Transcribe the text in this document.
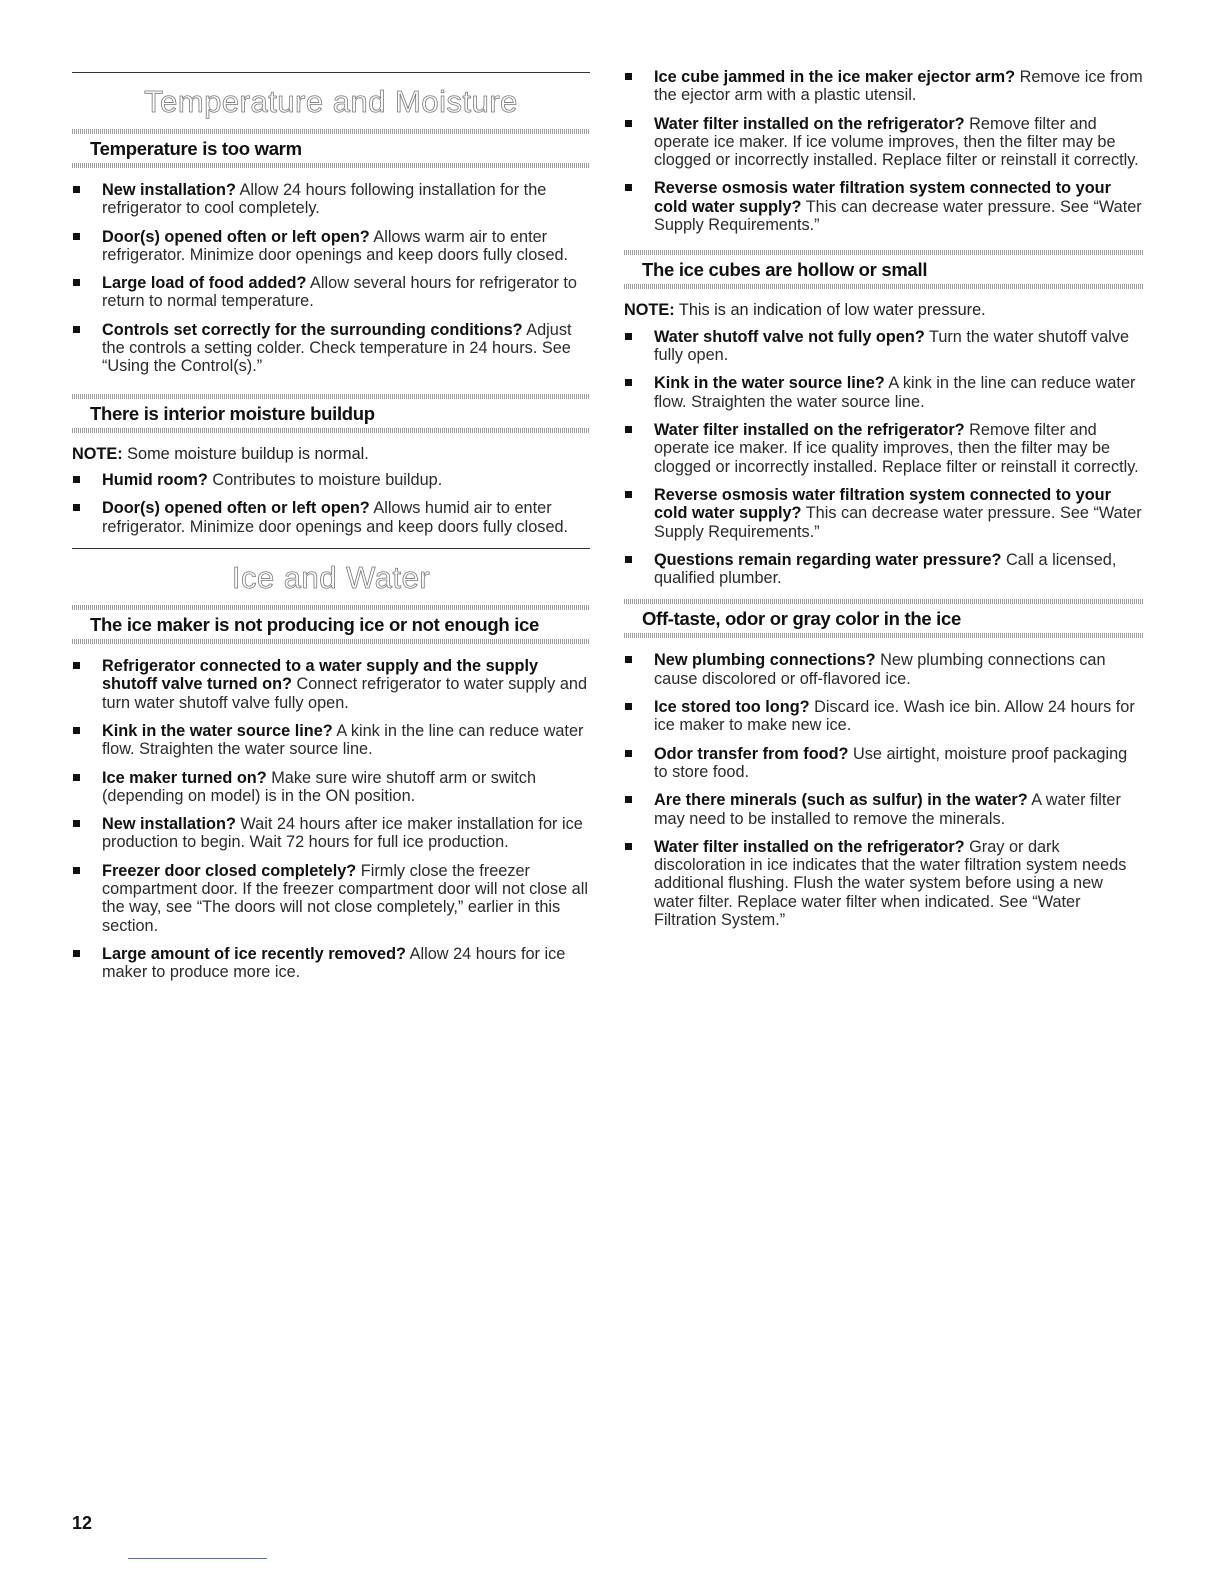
Temperature and Moisture
Temperature is too warm
New installation? Allow 24 hours following installation for the refrigerator to cool completely.
Door(s) opened often or left open? Allows warm air to enter refrigerator. Minimize door openings and keep doors fully closed.
Large load of food added? Allow several hours for refrigerator to return to normal temperature.
Controls set correctly for the surrounding conditions? Adjust the controls a setting colder. Check temperature in 24 hours. See “Using the Control(s).”
There is interior moisture buildup
NOTE: Some moisture buildup is normal.
Humid room? Contributes to moisture buildup.
Door(s) opened often or left open? Allows humid air to enter refrigerator. Minimize door openings and keep doors fully closed.
Ice and Water
The ice maker is not producing ice or not enough ice
Refrigerator connected to a water supply and the supply shutoff valve turned on? Connect refrigerator to water supply and turn water shutoff valve fully open.
Kink in the water source line? A kink in the line can reduce water flow. Straighten the water source line.
Ice maker turned on? Make sure wire shutoff arm or switch (depending on model) is in the ON position.
New installation? Wait 24 hours after ice maker installation for ice production to begin. Wait 72 hours for full ice production.
Freezer door closed completely? Firmly close the freezer compartment door. If the freezer compartment door will not close all the way, see “The doors will not close completely,” earlier in this section.
Large amount of ice recently removed? Allow 24 hours for ice maker to produce more ice.
Ice cube jammed in the ice maker ejector arm? Remove ice from the ejector arm with a plastic utensil.
Water filter installed on the refrigerator? Remove filter and operate ice maker. If ice volume improves, then the filter may be clogged or incorrectly installed. Replace filter or reinstall it correctly.
Reverse osmosis water filtration system connected to your cold water supply? This can decrease water pressure. See “Water Supply Requirements.”
The ice cubes are hollow or small
NOTE: This is an indication of low water pressure.
Water shutoff valve not fully open? Turn the water shutoff valve fully open.
Kink in the water source line? A kink in the line can reduce water flow. Straighten the water source line.
Water filter installed on the refrigerator? Remove filter and operate ice maker. If ice quality improves, then the filter may be clogged or incorrectly installed. Replace filter or reinstall it correctly.
Reverse osmosis water filtration system connected to your cold water supply? This can decrease water pressure. See “Water Supply Requirements.”
Questions remain regarding water pressure? Call a licensed, qualified plumber.
Off-taste, odor or gray color in the ice
New plumbing connections? New plumbing connections can cause discolored or off-flavored ice.
Ice stored too long? Discard ice. Wash ice bin. Allow 24 hours for ice maker to make new ice.
Odor transfer from food? Use airtight, moisture proof packaging to store food.
Are there minerals (such as sulfur) in the water? A water filter may need to be installed to remove the minerals.
Water filter installed on the refrigerator? Gray or dark discoloration in ice indicates that the water filtration system needs additional flushing. Flush the water system before using a new water filter. Replace water filter when indicated. See “Water Filtration System.”
12
